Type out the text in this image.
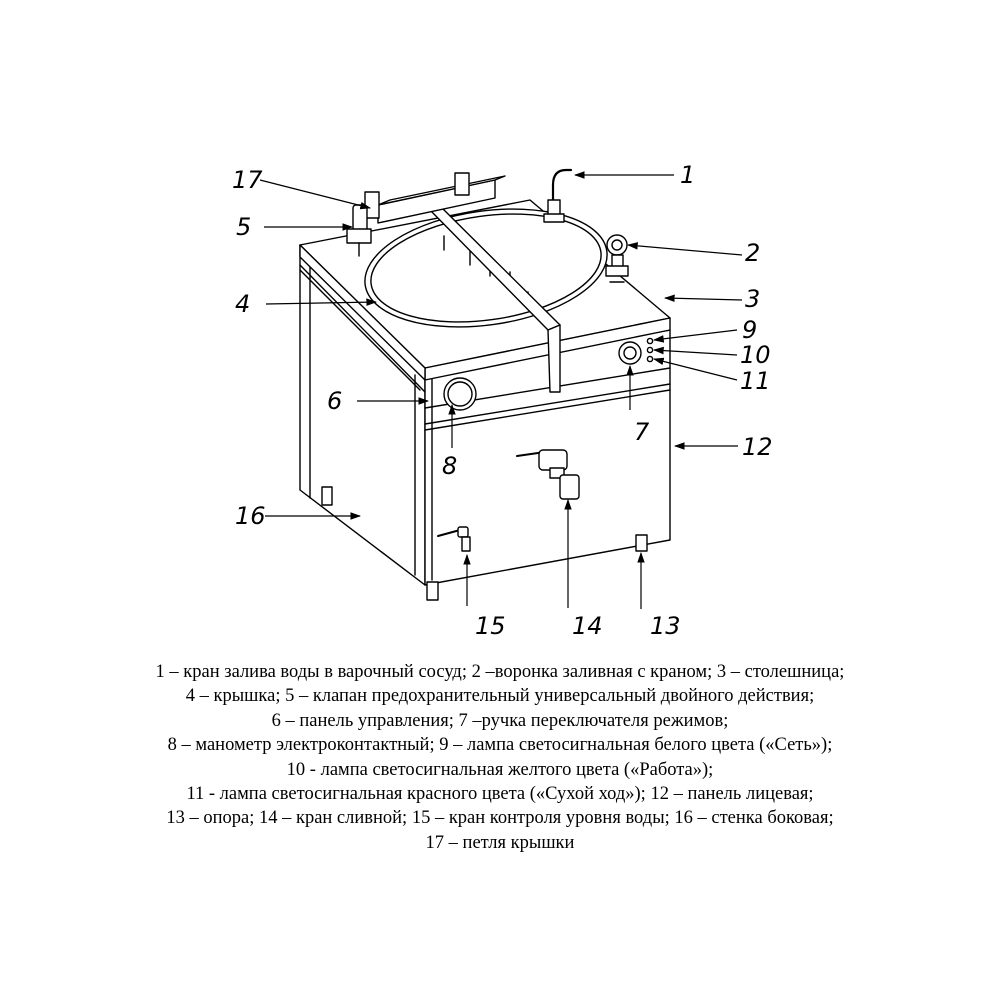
1
2
3
4
5
6
7
8
9
10
11
12
13
14
15
16
17
1 – кран залива воды в варочный сосуд; 2 –воронка заливная с краном; 3 – столешница;
4 – крышка; 5 – клапан предохранительный универсальный двойного действия;
6 – панель управления; 7 –ручка переключателя режимов;
8 – манометр электроконтактный; 9 – лампа светосигнальная белого цвета («Сеть»);
10 - лампа светосигнальная желтого цвета («Работа»);
11 - лампа светосигнальная красного цвета («Сухой ход»); 12 – панель лицевая;
13 – опора; 14 – кран сливной; 15 – кран контроля уровня воды; 16 – стенка боковая;
17 – петля крышки
